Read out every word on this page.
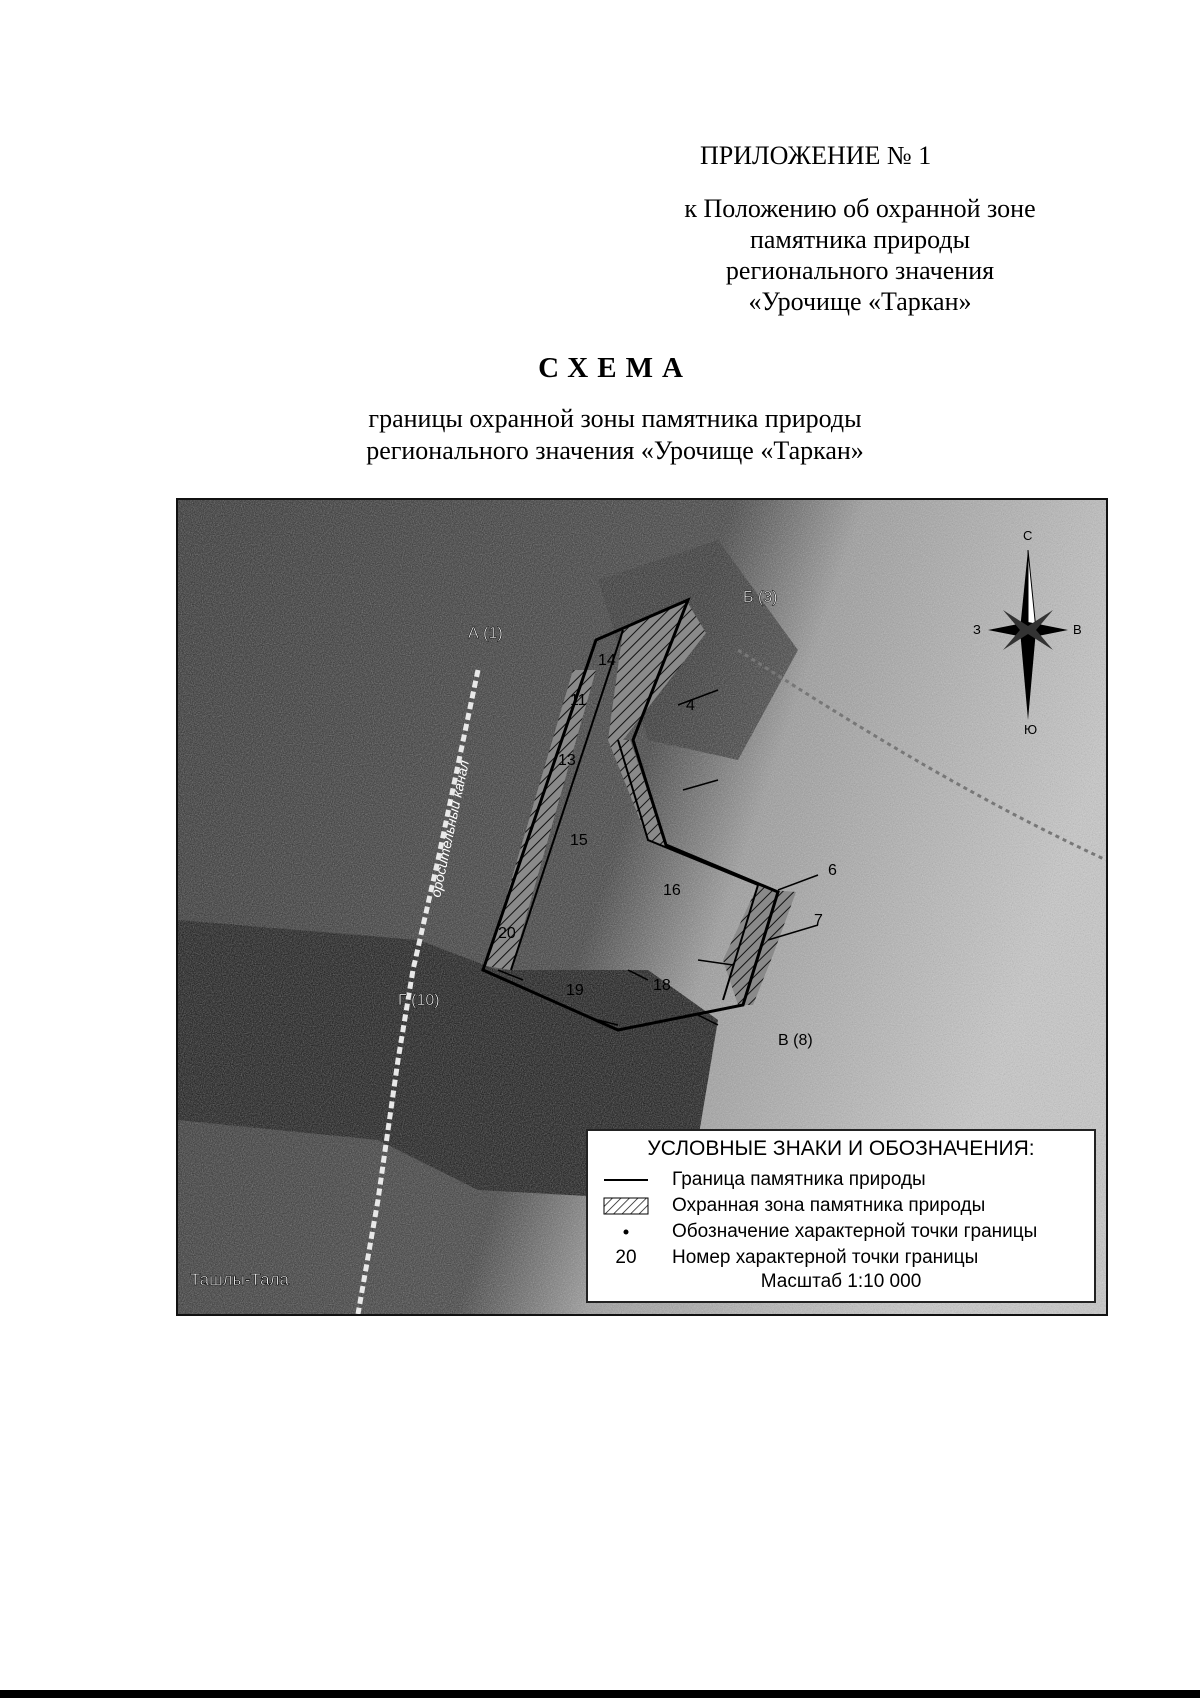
ПРИЛОЖЕНИЕ № 1
к Положению об охранной зоне
памятника природы
регионального значения
«Урочище «Таркан»
СХЕМА
границы охранной зоны памятника природы
регионального значения «Урочище «Таркан»
А (1)
Б (3)
В (8)
Г (10)
4
6
7
11
13
14
15
16
18
19
20
оросительный канал
Ташлы-Тала
С
Ю
В
З
УСЛОВНЫЕ ЗНАКИ И ОБОЗНАЧЕНИЯ:
Граница памятника природы
Охранная зона памятника природы
Обозначение характерной точки границы
20	Номер характерной точки границы
Масштаб 1:10 000
